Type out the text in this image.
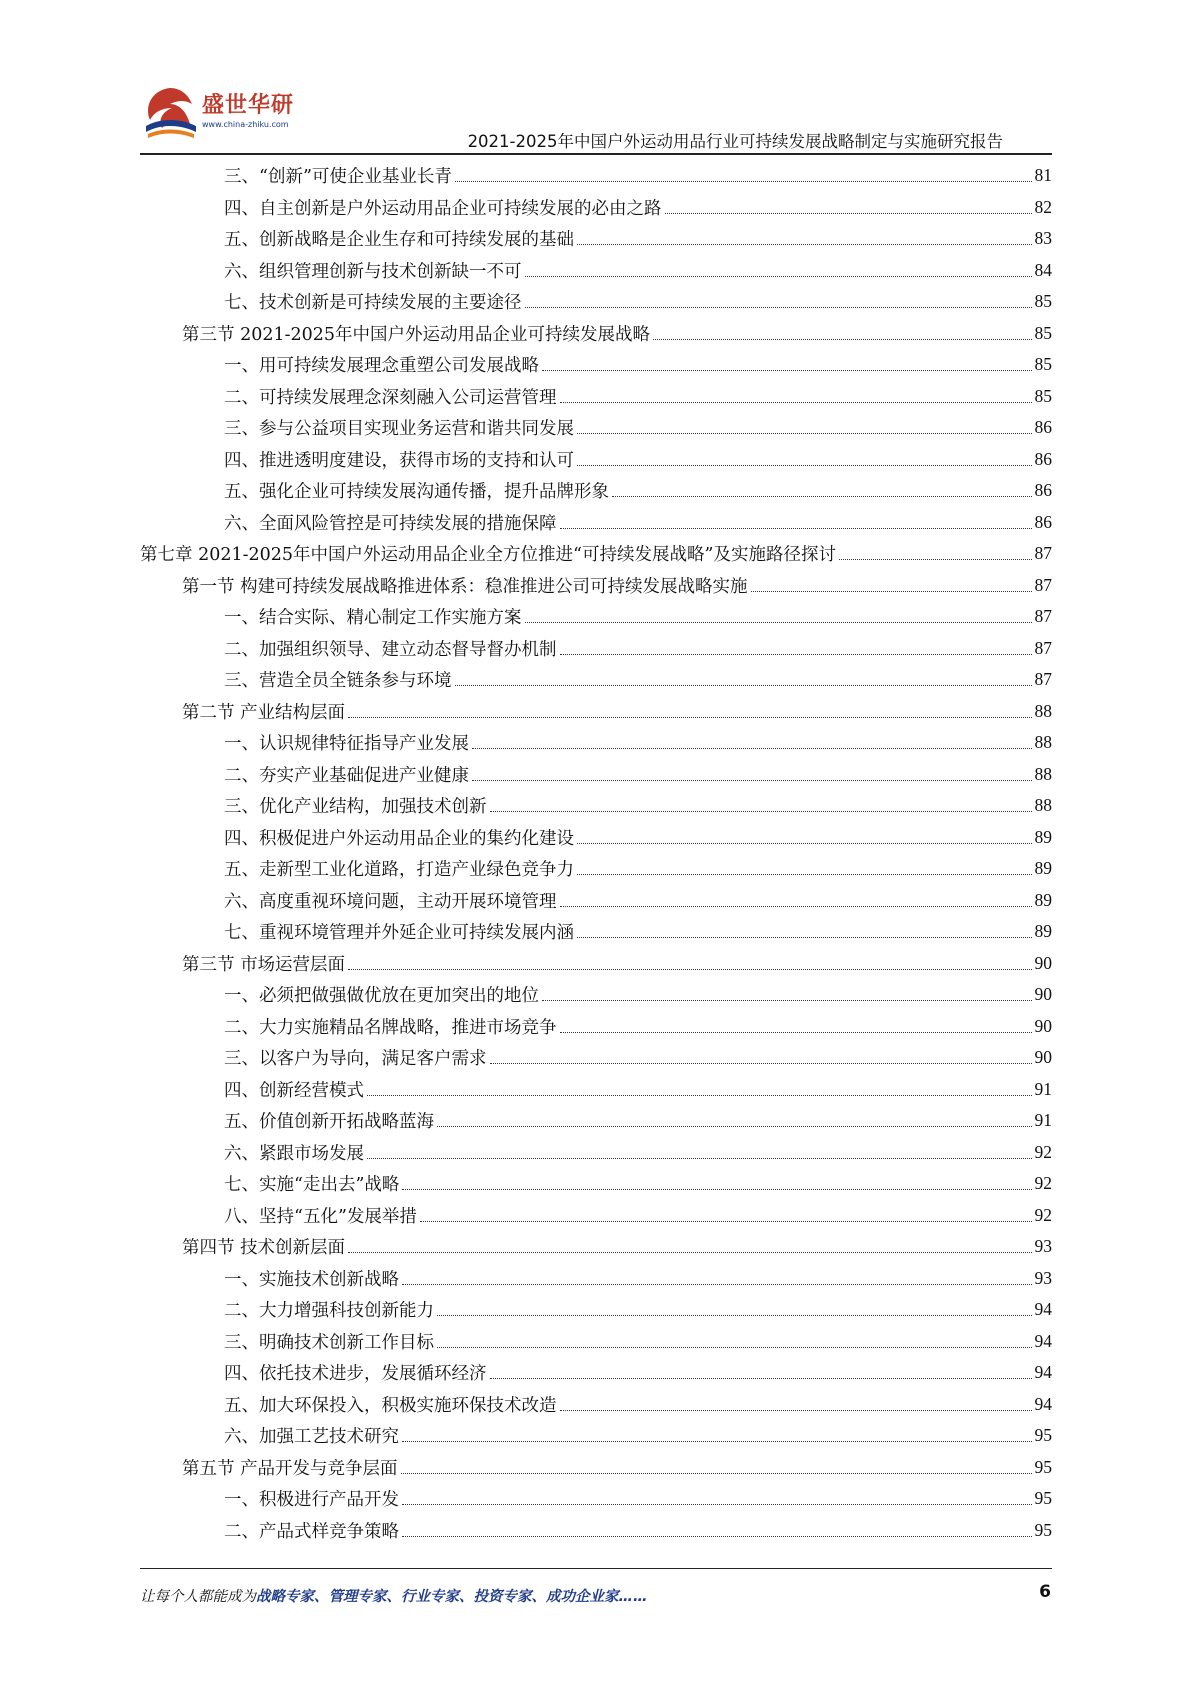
盛世华研
www.china-zhiku.com
2021-2025年中国户外运动用品行业可持续发展战略制定与实施研究报告
三、“创新”可使企业基业长青	81
四、自主创新是户外运动用品企业可持续发展的必由之路	82
五、创新战略是企业生存和可持续发展的基础	83
六、组织管理创新与技术创新缺一不可	84
七、技术创新是可持续发展的主要途径	85
第三节 2021-2025年中国户外运动用品企业可持续发展战略	85
一、用可持续发展理念重塑公司发展战略	85
二、可持续发展理念深刻融入公司运营管理	85
三、参与公益项目实现业务运营和谐共同发展	86
四、推进透明度建设，获得市场的支持和认可	86
五、强化企业可持续发展沟通传播，提升品牌形象	86
六、全面风险管控是可持续发展的措施保障	86
第七章 2021-2025年中国户外运动用品企业全方位推进“可持续发展战略”及实施路径探讨	87
第一节 构建可持续发展战略推进体系：稳准推进公司可持续发展战略实施	87
一、结合实际、精心制定工作实施方案	87
二、加强组织领导、建立动态督导督办机制	87
三、营造全员全链条参与环境	87
第二节 产业结构层面	88
一、认识规律特征指导产业发展	88
二、夯实产业基础促进产业健康	88
三、优化产业结构，加强技术创新	88
四、积极促进户外运动用品企业的集约化建设	89
五、走新型工业化道路，打造产业绿色竞争力	89
六、高度重视环境问题，主动开展环境管理	89
七、重视环境管理并外延企业可持续发展内涵	89
第三节 市场运营层面	90
一、必须把做强做优放在更加突出的地位	90
二、大力实施精品名牌战略，推进市场竞争	90
三、以客户为导向，满足客户需求	90
四、创新经营模式	91
五、价值创新开拓战略蓝海	91
六、紧跟市场发展	92
七、实施“走出去”战略	92
八、坚持“五化”发展举措	92
第四节 技术创新层面	93
一、实施技术创新战略	93
二、大力增强科技创新能力	94
三、明确技术创新工作目标	94
四、依托技术进步，发展循环经济	94
五、加大环保投入，积极实施环保技术改造	94
六、加强工艺技术研究	95
第五节 产品开发与竞争层面	95
一、积极进行产品开发	95
二、产品式样竞争策略	95
让每个人都能成为战略专家、管理专家、行业专家、投资专家、成功企业家……	6
